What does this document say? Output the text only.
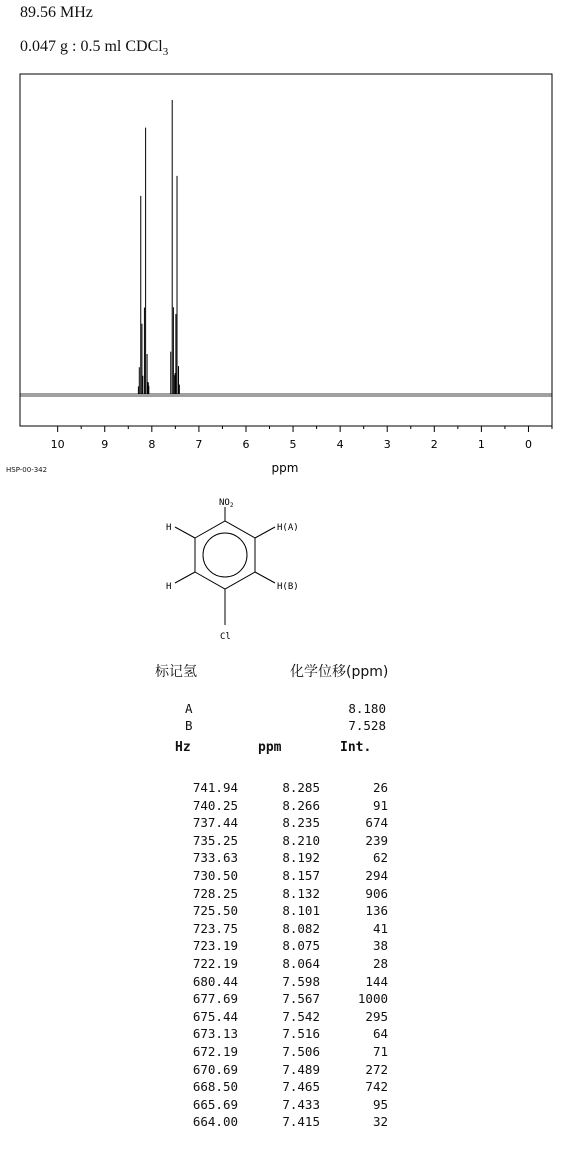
89.56 MHz
0.047 g : 0.5 ml CDCl$_3$
10	9	8	7	6	5	4	3	2	1	0
ppm
HSP-00-342
$NO_2$
Cl
H
H
H(A)
H(B)
标记氢	化学位移(ppm)
A	8.180
B	7.528
Hz	ppm	Int.
741.94	8.285	26
740.25	8.266	91
737.44	8.235	674
735.25	8.210	239
733.63	8.192	62
730.50	8.157	294
728.25	8.132	906
725.50	8.101	136
723.75	8.082	41
723.19	8.075	38
722.19	8.064	28
680.44	7.598	144
677.69	7.567	1000
675.44	7.542	295
673.13	7.516	64
672.19	7.506	71
670.69	7.489	272
668.50	7.465	742
665.69	7.433	95
664.00	7.415	32
